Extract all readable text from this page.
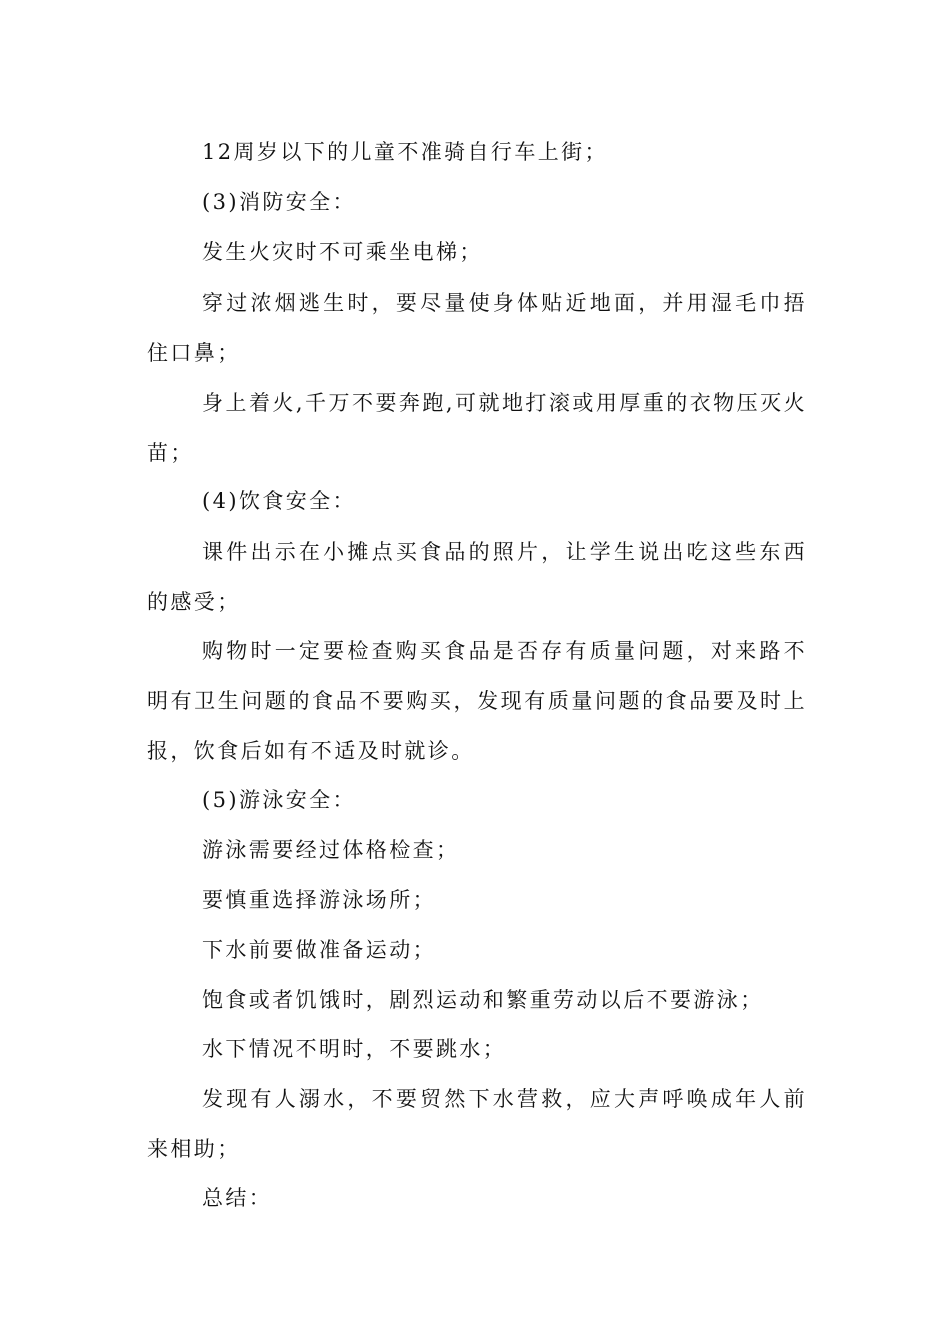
12周岁以下的儿童不准骑自行车上街；

(3)消防安全：

发生火灾时不可乘坐电梯；

穿过浓烟逃生时，要尽量使身体贴近地面，并用湿毛巾捂住口鼻；

身上着火,千万不要奔跑,可就地打滚或用厚重的衣物压灭火苗；

(4)饮食安全：

课件出示在小摊点买食品的照片，让学生说出吃这些东西的感受；

购物时一定要检查购买食品是否存有质量问题，对来路不明有卫生问题的食品不要购买，发现有质量问题的食品要及时上报，饮食后如有不适及时就诊。

(5)游泳安全：

游泳需要经过体格检查；

要慎重选择游泳场所；

下水前要做准备运动；

饱食或者饥饿时，剧烈运动和繁重劳动以后不要游泳；

水下情况不明时，不要跳水；

发现有人溺水，不要贸然下水营救，应大声呼唤成年人前来相助；

总结：
